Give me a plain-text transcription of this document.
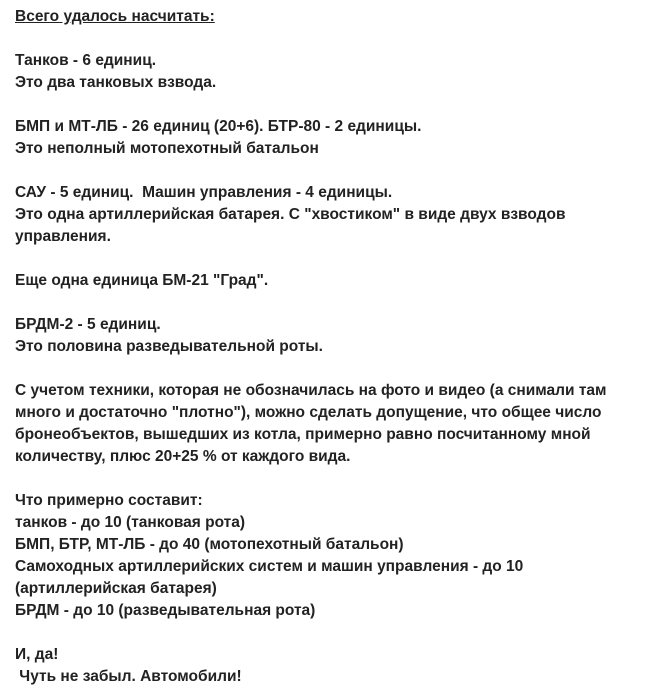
Всего удалось насчитать:
Танков - 6 единиц.
Это два танковых взвода.
БМП и МТ-ЛБ - 26 единиц (20+6). БТР-80 - 2 единицы.
Это неполный мотопехотный батальон
САУ - 5 единиц.  Машин управления - 4 единицы.
Это одна артиллерийская батарея. С "хвостиком" в виде двух взводов
управления.
Еще одна единица БМ-21 "Град".
БРДМ-2 - 5 единиц.
Это половина разведывательной роты.
С учетом техники, которая не обозначилась на фото и видео (а снимали там
много и достаточно "плотно"), можно сделать допущение, что общее число
бронеобъектов, вышедших из котла, примерно равно посчитанному мной
количеству, плюс 20+25 % от каждого вида.
Что примерно составит:
танков - до 10 (танковая рота)
БМП, БТР, МТ-ЛБ - до 40 (мотопехотный батальон)
Самоходных артиллерийских систем и машин управления - до 10
(артиллерийская батарея)
БРДМ - до 10 (разведывательная рота)
И, да!
Чуть не забыл. Автомобили!
